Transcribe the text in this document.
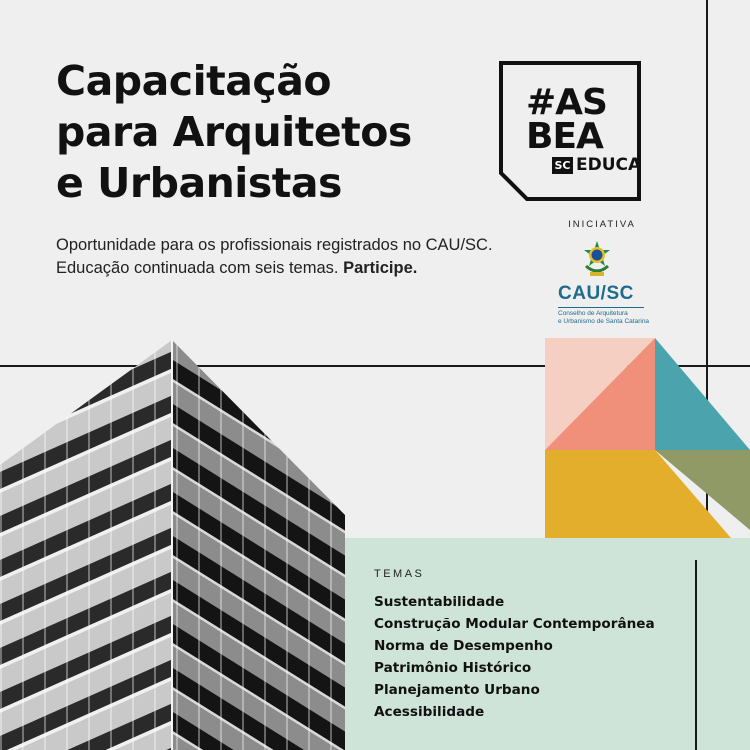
Capacitação
para Arquitetos
e Urbanistas
Oportunidade para os profissionais registrados no CAU/SC.
Educação continuada com seis temas. Participe.
#AS
BEA
SC EDUCA
INICIATIVA
CAU/SC
Conselho de Arquitetura
e Urbanismo de Santa Catarina
TEMAS
Sustentabilidade
Construção Modular Contemporânea
Norma de Desempenho
Patrimônio Histórico
Planejamento Urbano
Acessibilidade
